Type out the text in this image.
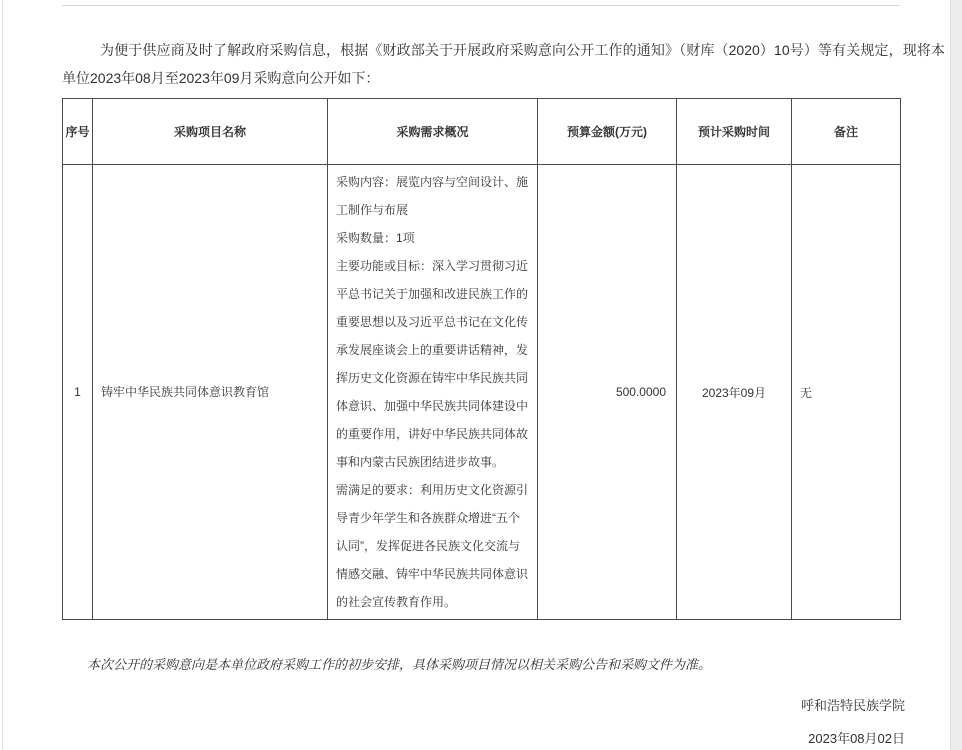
为便于供应商及时了解政府采购信息，根据《财政部关于开展政府采购意向公开工作的通知》（财库（2020）10号）等有关规定，现将本单位2023年08月至2023年09月采购意向公开如下：

序号	采购项目名称	采购需求概况	预算金额(万元)	预计采购时间	备注
1	铸牢中华民族共同体意识教育馆	采购内容：展览内容与空间设计、施工制作与布展
采购数量：1项
主要功能或目标：深入学习贯彻习近平总书记关于加强和改进民族工作的重要思想以及习近平总书记在文化传承发展座谈会上的重要讲话精神，发挥历史文化资源在铸牢中华民族共同体意识、加强中华民族共同体建设中的重要作用，讲好中华民族共同体故事和内蒙古民族团结进步故事。
需满足的要求：利用历史文化资源引导青少年学生和各族群众增进“五个认同”，发挥促进各民族文化交流与情感交融、铸牢中华民族共同体意识的社会宣传教育作用。	500.0000	2023年09月	无

本次公开的采购意向是本单位政府采购工作的初步安排，具体采购项目情况以相关采购公告和采购文件为准。

呼和浩特民族学院

2023年08月02日
